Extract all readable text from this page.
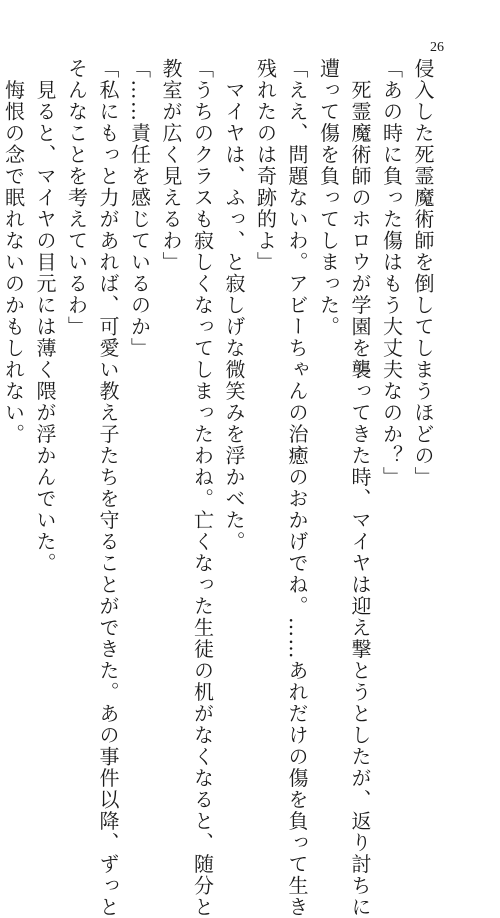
26
侵入した死霊魔術師を倒してしまうほどの」
「あの時に負った傷はもう大丈夫なのか？」
　死霊魔術師のホロウが学園を襲ってきた時、マイヤは迎え撃とうとしたが、返り討ちに
遭って傷を負ってしまった。
「ええ、問題ないわ。アビーちゃんの治癒のおかげでね。……あれだけの傷を負って生き
残れたのは奇跡的よ」
　マイヤは、ふっ、と寂しげな微笑みを浮かべた。
「うちのクラスも寂しくなってしまったわね。亡くなった生徒の机がなくなると、随分と
教室が広く見えるわ」
「……責任を感じているのか」
「私にもっと力があれば、可愛い教え子たちを守ることができた。あの事件以降、ずっと
そんなことを考えているわ」
　見ると、マイヤの目元には薄く隈が浮かんでいた。
　悔恨の念で眠れないのかもしれない。
